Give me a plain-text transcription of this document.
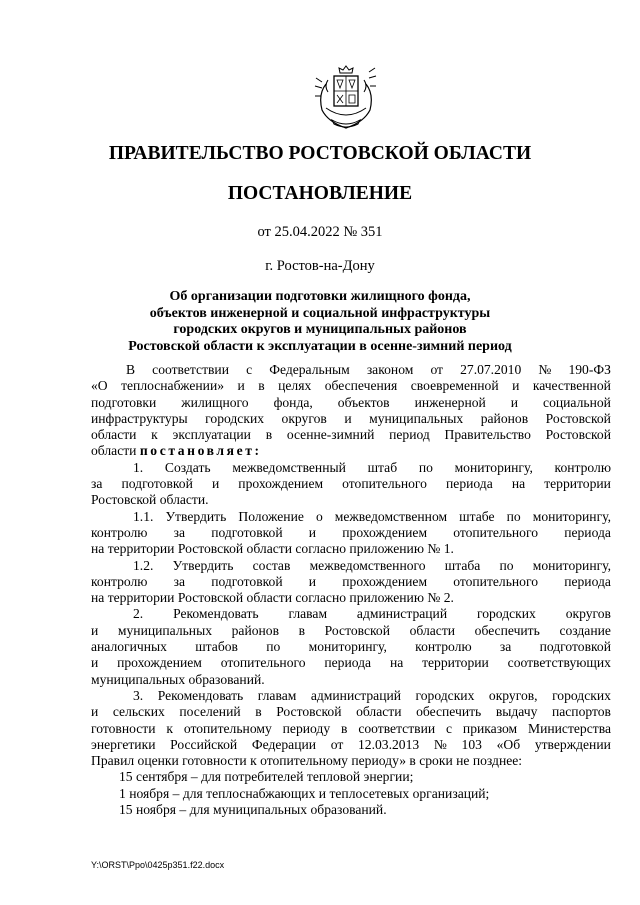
ПРАВИТЕЛЬСТВО РОСТОВСКОЙ ОБЛАСТИ
ПОСТАНОВЛЕНИЕ
от 25.04.2022 № 351
г. Ростов-на-Дону
Об организации подготовки жилищного фонда,
объектов инженерной и социальной инфраструктуры
городских округов и муниципальных районов
Ростовской области к эксплуатации в осенне-зимний период
В соответствии с Федеральным законом от 27.07.2010 № 190-ФЗ
«О теплоснабжении» и в целях обеспечения своевременной и качественной
подготовки жилищного фонда, объектов инженерной и социальной
инфраструктуры городских округов и муниципальных районов Ростовской
области к эксплуатации в осенне-зимний период Правительство Ростовской
области
постановляет:
1. Создать межведомственный штаб по мониторингу, контролю
за подготовкой и прохождением отопительного периода на территории
Ростовской области.
1.1. Утвердить Положение о межведомственном штабе по мониторингу,
контролю за подготовкой и прохождением отопительного периода
на территории Ростовской области согласно приложению № 1.
1.2. Утвердить состав межведомственного штаба по мониторингу,
контролю за подготовкой и прохождением отопительного периода
на территории Ростовской области согласно приложению № 2.
2. Рекомендовать главам администраций городских округов
и муниципальных районов в Ростовской области обеспечить создание
аналогичных штабов по мониторингу, контролю за подготовкой
и прохождением отопительного периода на территории соответствующих
муниципальных образований.
3. Рекомендовать главам администраций городских округов, городских
и сельских поселений в Ростовской области обеспечить выдачу паспортов
готовности к отопительному периоду в соответствии с приказом Министерства
энергетики Российской Федерации от 12.03.2013 № 103 «Об утверждении
Правил оценки готовности к отопительному периоду» в сроки не позднее:
15 сентября – для потребителей тепловой энергии;
1 ноября – для теплоснабжающих и теплосетевых организаций;
15 ноября – для муниципальных образований.
Y:\ORST\Ppo\0425p351.f22.docx
